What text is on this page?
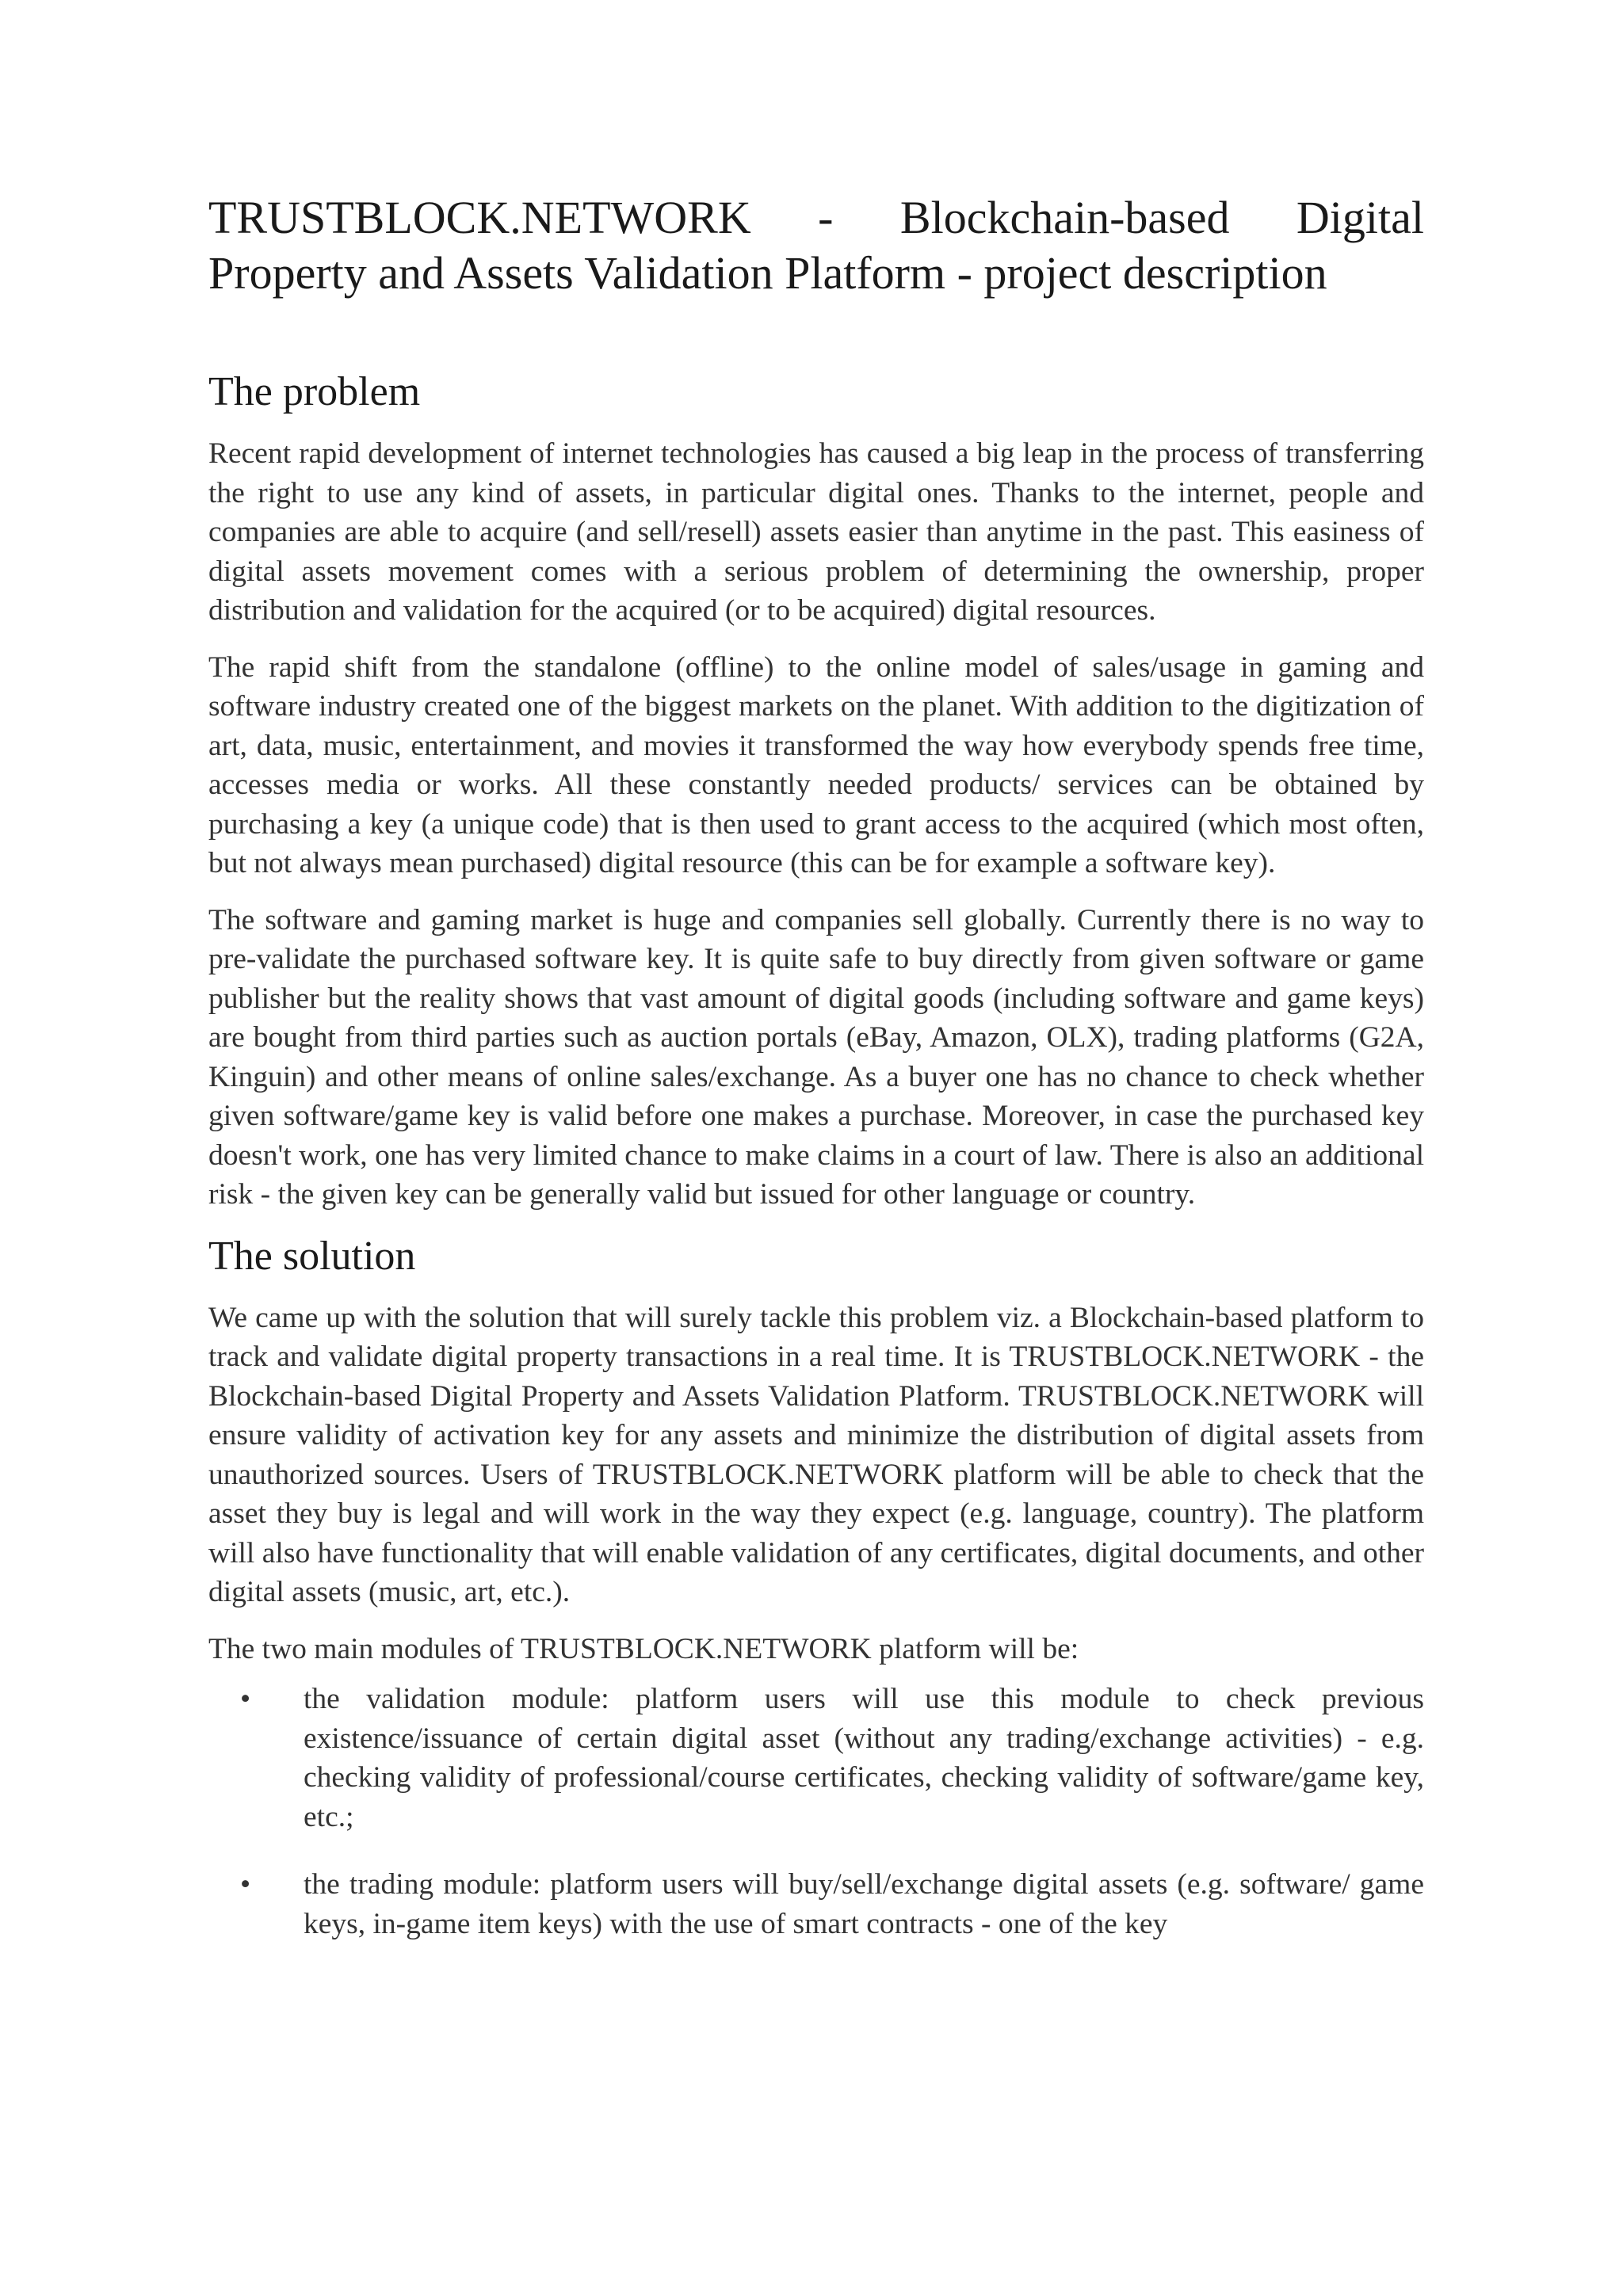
TRUSTBLOCK.NETWORK - Blockchain-based Digital Property and Assets Validation Platform - project description
The problem

Recent rapid development of internet technologies has caused a big leap in the process of transferring the right to use any kind of assets, in particular digital ones. Thanks to the internet, people and companies are able to acquire (and sell/resell) assets easier than anytime in the past. This easiness of digital assets movement comes with a serious problem of determining the ownership, proper distribution and validation for the acquired (or to be acquired) digital resources.

The rapid shift from the standalone (offline) to the online model of sales/usage in gaming and software industry created one of the biggest markets on the planet. With addition to the digitization of art, data, music, entertainment, and movies it transformed the way how everybody spends free time, accesses media or works. All these constantly needed products/ services can be obtained by purchasing a key (a unique code) that is then used to grant access to the acquired (which most often, but not always mean purchased) digital resource (this can be for example a software key).

The software and gaming market is huge and companies sell globally. Currently there is no way to pre-validate the purchased software key. It is quite safe to buy directly from given software or game publisher but the reality shows that vast amount of digital goods (including software and game keys) are bought from third parties such as auction portals (eBay, Amazon, OLX), trading platforms (G2A, Kinguin) and other means of online sales/exchange. As a buyer one has no chance to check whether given software/game key is valid before one makes a purchase. Moreover, in case the purchased key doesn't work, one has very limited chance to make claims in a court of law. There is also an additional risk - the given key can be generally valid but issued for other language or country.

The solution

We came up with the solution that will surely tackle this problem viz. a Blockchain-based platform to track and validate digital property transactions in a real time. It is TRUSTBLOCK.NETWORK - the Blockchain-based Digital Property and Assets Validation Platform. TRUSTBLOCK.NETWORK will ensure validity of activation key for any assets and minimize the distribution of digital assets from unauthorized sources. Users of TRUSTBLOCK.NETWORK platform will be able to check that the asset they buy is legal and will work in the way they expect (e.g. language, country). The platform will also have functionality that will enable validation of any certificates, digital documents, and other digital assets (music, art, etc.).

The two main modules of TRUSTBLOCK.NETWORK platform will be:

• the validation module: platform users will use this module to check previous existence/issuance of certain digital asset (without any trading/exchange activities) - e.g. checking validity of professional/course certificates, checking validity of software/game key, etc.;
• the trading module: platform users will buy/sell/exchange digital assets (e.g. software/ game keys, in-game item keys) with the use of smart contracts - one of the key
